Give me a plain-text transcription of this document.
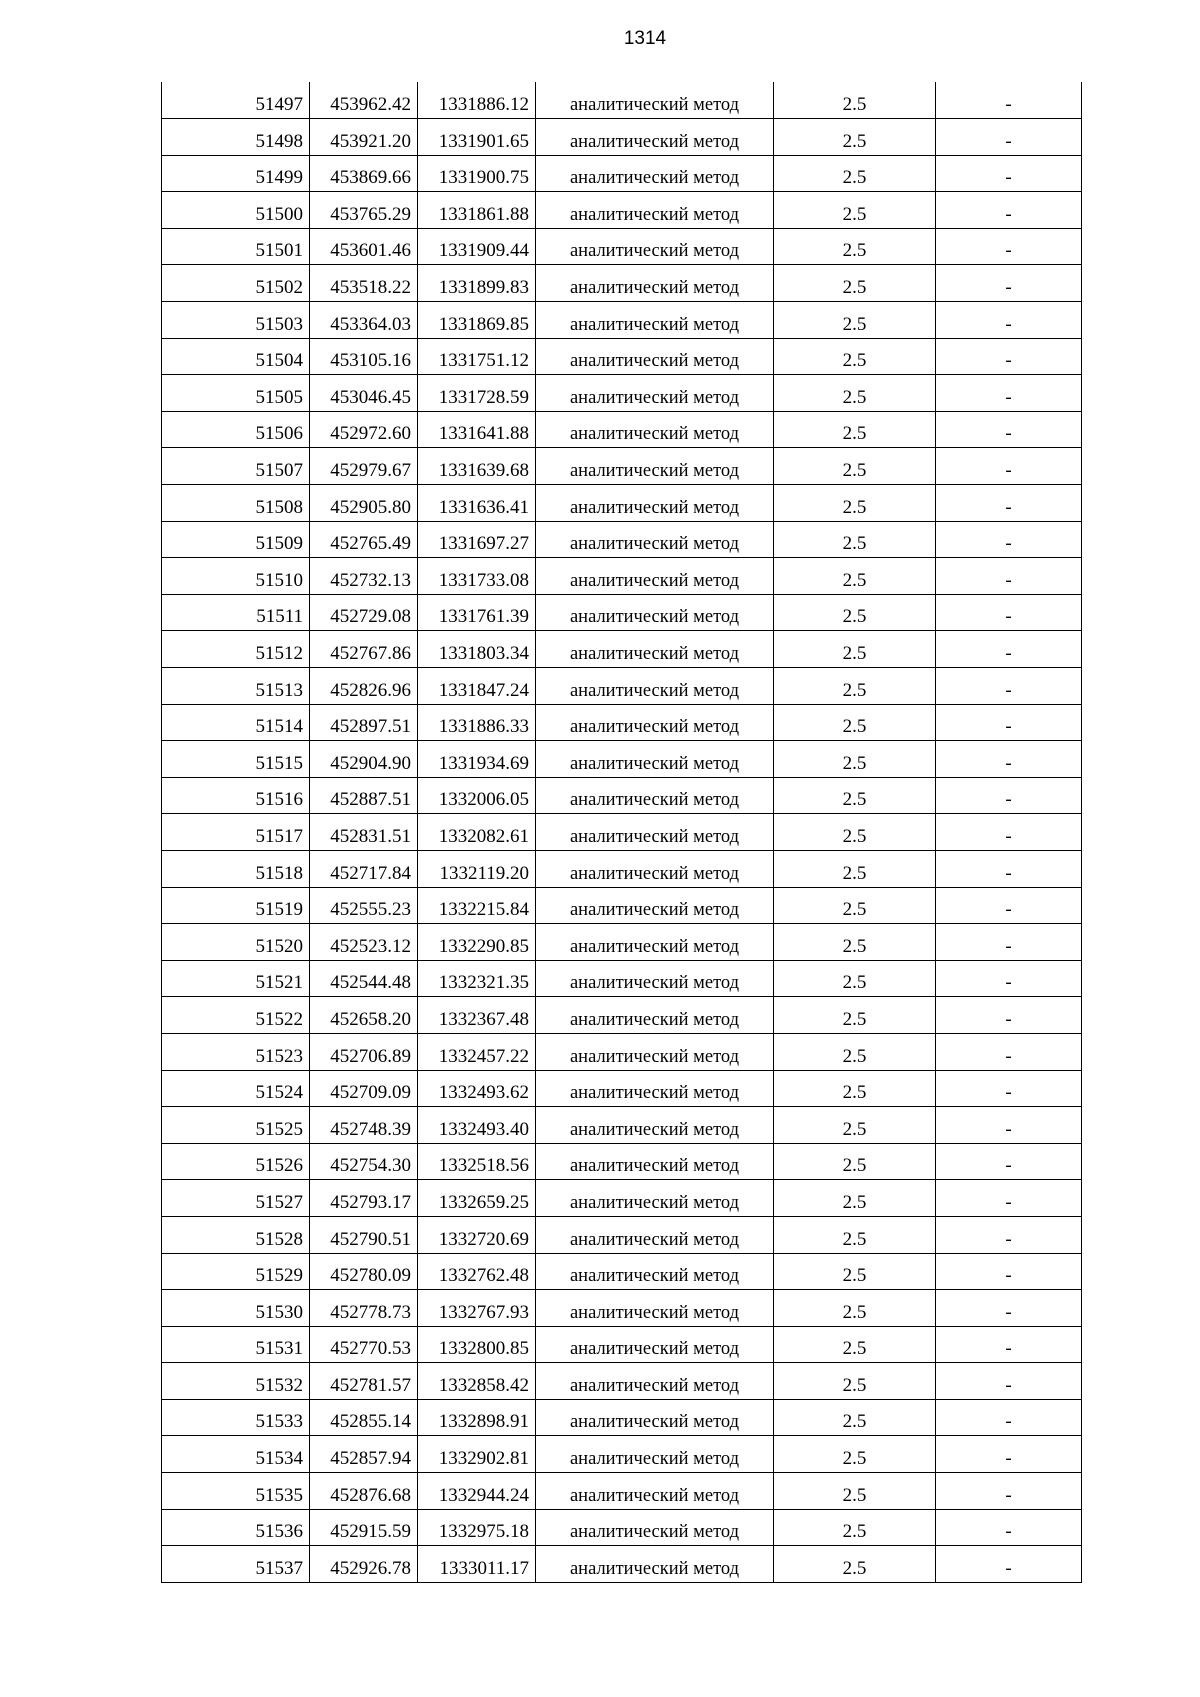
1314
51497	453962.42	1331886.12	аналитический метод	2.5	-
51498	453921.20	1331901.65	аналитический метод	2.5	-
51499	453869.66	1331900.75	аналитический метод	2.5	-
51500	453765.29	1331861.88	аналитический метод	2.5	-
51501	453601.46	1331909.44	аналитический метод	2.5	-
51502	453518.22	1331899.83	аналитический метод	2.5	-
51503	453364.03	1331869.85	аналитический метод	2.5	-
51504	453105.16	1331751.12	аналитический метод	2.5	-
51505	453046.45	1331728.59	аналитический метод	2.5	-
51506	452972.60	1331641.88	аналитический метод	2.5	-
51507	452979.67	1331639.68	аналитический метод	2.5	-
51508	452905.80	1331636.41	аналитический метод	2.5	-
51509	452765.49	1331697.27	аналитический метод	2.5	-
51510	452732.13	1331733.08	аналитический метод	2.5	-
51511	452729.08	1331761.39	аналитический метод	2.5	-
51512	452767.86	1331803.34	аналитический метод	2.5	-
51513	452826.96	1331847.24	аналитический метод	2.5	-
51514	452897.51	1331886.33	аналитический метод	2.5	-
51515	452904.90	1331934.69	аналитический метод	2.5	-
51516	452887.51	1332006.05	аналитический метод	2.5	-
51517	452831.51	1332082.61	аналитический метод	2.5	-
51518	452717.84	1332119.20	аналитический метод	2.5	-
51519	452555.23	1332215.84	аналитический метод	2.5	-
51520	452523.12	1332290.85	аналитический метод	2.5	-
51521	452544.48	1332321.35	аналитический метод	2.5	-
51522	452658.20	1332367.48	аналитический метод	2.5	-
51523	452706.89	1332457.22	аналитический метод	2.5	-
51524	452709.09	1332493.62	аналитический метод	2.5	-
51525	452748.39	1332493.40	аналитический метод	2.5	-
51526	452754.30	1332518.56	аналитический метод	2.5	-
51527	452793.17	1332659.25	аналитический метод	2.5	-
51528	452790.51	1332720.69	аналитический метод	2.5	-
51529	452780.09	1332762.48	аналитический метод	2.5	-
51530	452778.73	1332767.93	аналитический метод	2.5	-
51531	452770.53	1332800.85	аналитический метод	2.5	-
51532	452781.57	1332858.42	аналитический метод	2.5	-
51533	452855.14	1332898.91	аналитический метод	2.5	-
51534	452857.94	1332902.81	аналитический метод	2.5	-
51535	452876.68	1332944.24	аналитический метод	2.5	-
51536	452915.59	1332975.18	аналитический метод	2.5	-
51537	452926.78	1333011.17	аналитический метод	2.5	-
